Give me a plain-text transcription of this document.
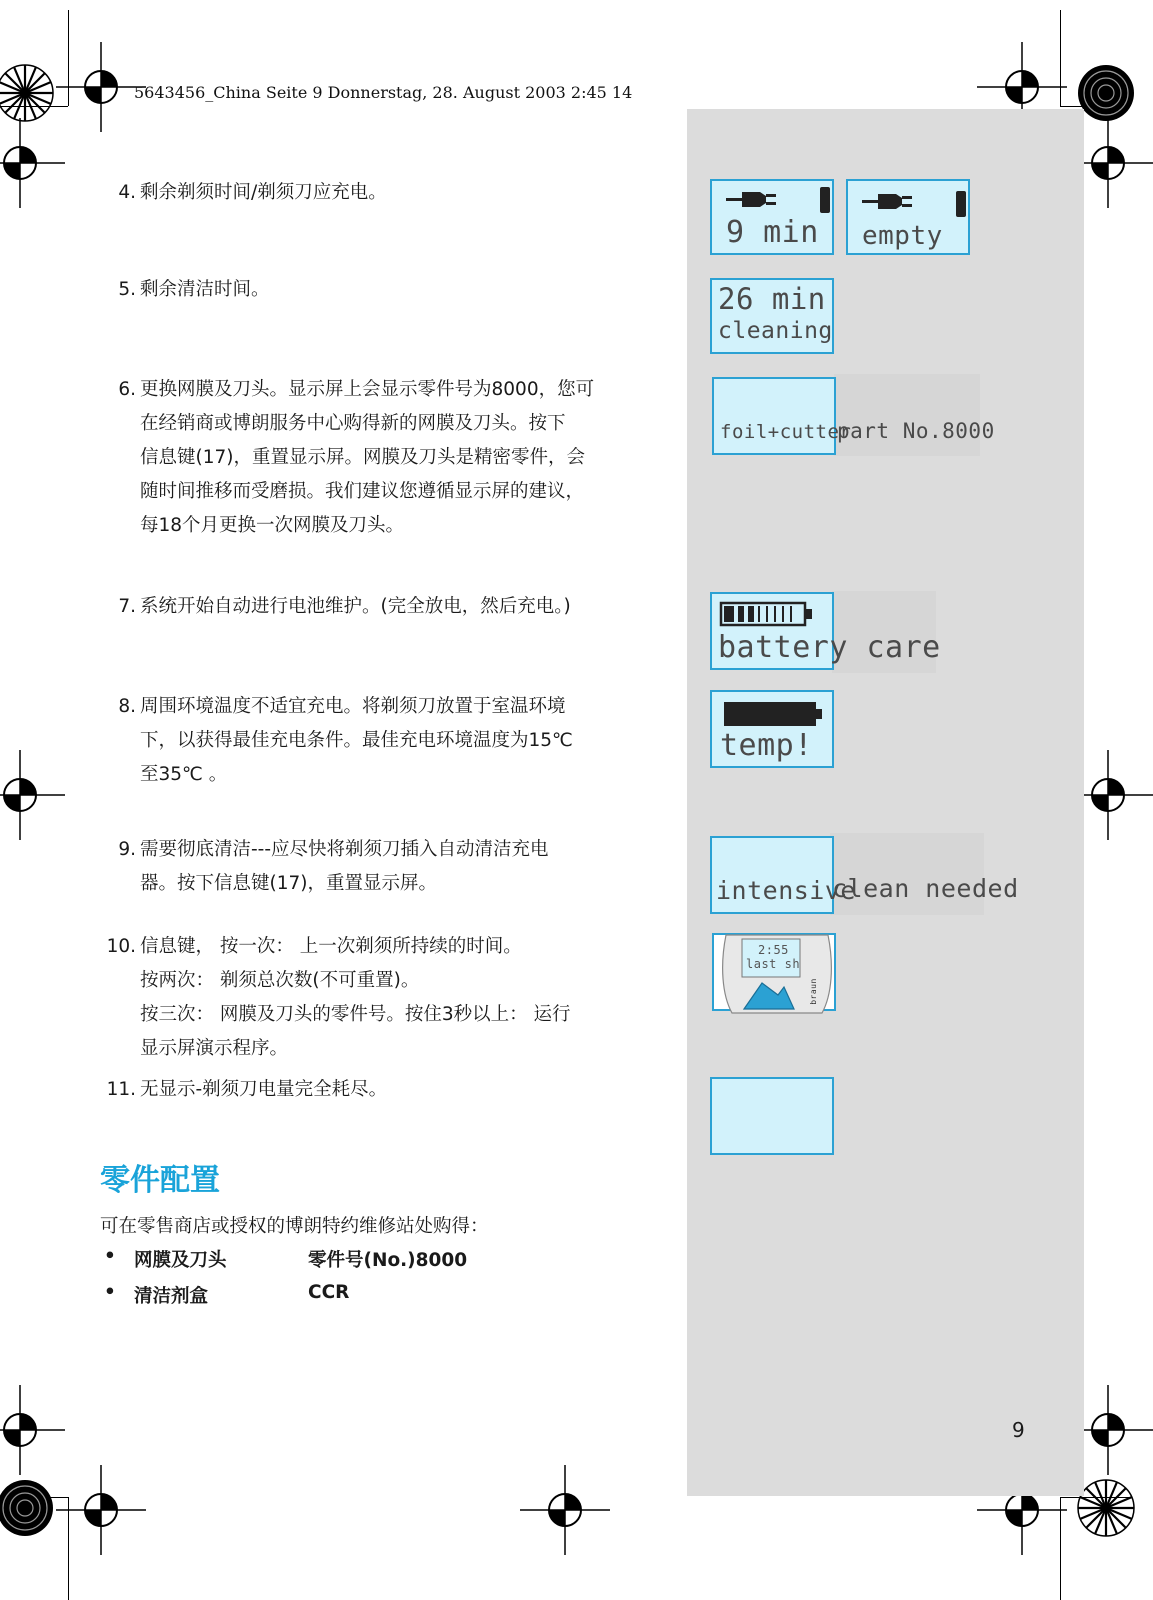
5643456_China Seite 9 Donnerstag, 28. August 2003 2:45 14
4. 剩余剃须时间/剃须刀应充电。
5. 剩余清洁时间。
6. 更换网膜及刀头。显示屏上会显示零件号为8000，您可
在经销商或博朗服务中心购得新的网膜及刀头。按下
信息键(17)，重置显示屏。网膜及刀头是精密零件，会
随时间推移而受磨损。我们建议您遵循显示屏的建议，
每18个月更换一次网膜及刀头。
7. 系统开始自动进行电池维护。(完全放电，然后充电。)
8. 周围环境温度不适宜充电。将剃须刀放置于室温环境
下，以获得最佳充电条件。最佳充电环境温度为15℃
至35℃ 。
9. 需要彻底清洁---应尽快将剃须刀插入自动清洁充电
器。按下信息键(17)，重置显示屏。
10. 信息键， 按一次： 上一次剃须所持续的时间。
按两次： 剃须总次数(不可重置)。
按三次： 网膜及刀头的零件号。按住3秒以上： 运行
显示屏演示程序。
11. 无显示-剃须刀电量完全耗尽。
零件配置
可在零售商店或授权的博朗特约维修站处购得：
• 网膜及刀头	零件号(No.)8000
• 清洁剂盒	CCR
9 min empty
26 min
cleaning
foil+cutter
part No.8000
battery care
temp!
intensive
clean needed
2:55
last sh
braun
9
